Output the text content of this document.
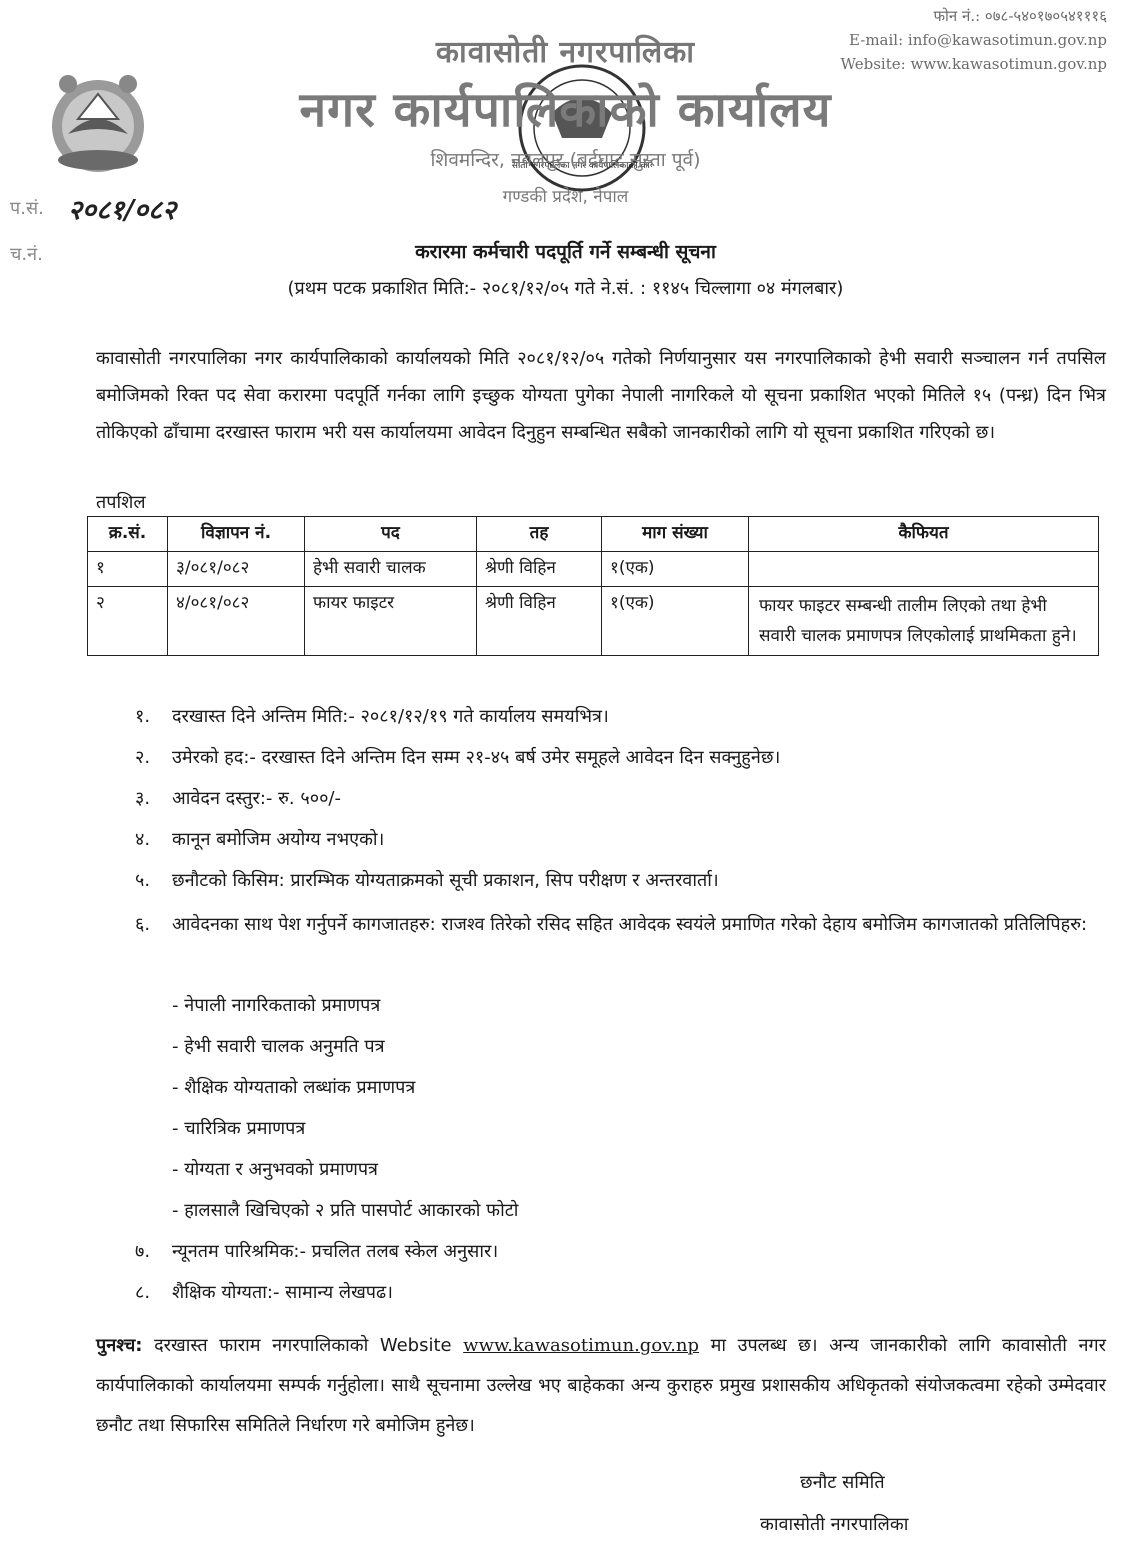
सोती नगरपालिका नगर कार्यपालिकाको का
फोन नं.: ०७८-५४०१७०५४१११६
E-mail: info@kawasotimun.gov.np
Website: www.kawasotimun.gov.np
कावासोती नगरपालिका
नगर कार्यपालिकाको कार्यालय
शिवमन्दिर, नवलपुर (बर्दघाट सुस्ता पूर्व)
गण्डकी प्रदेश, नेपाल
प.सं. २०८१/०८२
च.नं.	करारमा कर्मचारी पदपूर्ति गर्ने सम्बन्धी सूचना
(प्रथम पटक प्रकाशित मिति:- २०८१/१२/०५ गते ने.सं. : ११४५ चिल्लागा ०४ मंगलबार)
कावासोती नगरपालिका नगर कार्यपालिकाको कार्यालयको मिति २०८१/१२/०५ गतेको निर्णयानुसार यस नगरपालिकाको हेभी सवारी सञ्चालन गर्न तपसिल बमोजिमको रिक्त पद सेवा करारमा पदपूर्ति गर्नका लागि इच्छुक योग्यता पुगेका नेपाली नागरिकले यो सूचना प्रकाशित भएको मितिले १५ (पन्ध्र) दिन भित्र तोकिएको ढाँचामा दरखास्त फाराम भरी यस कार्यालयमा आवेदन दिनुहुन सम्बन्धित सबैको जानकारीको लागि यो सूचना प्रकाशित गरिएको छ।
तपशिल
क्र.सं.	विज्ञापन नं.	पद	तह	माग संख्या	कैफियत
१	३/०८१/०८२	हेभी सवारी चालक	श्रेणी विहिन	१(एक)	
२	४/०८१/०८२	फायर फाइटर	श्रेणी विहिन	१(एक)	फायर फाइटर सम्बन्धी तालीम लिएको तथा हेभी सवारी चालक प्रमाणपत्र लिएकोलाई प्राथमिकता हुने।
१.	दरखास्त दिने अन्तिम मिति:- २०८१/१२/१९ गते कार्यालय समयभित्र।
२.	उमेरको हद:- दरखास्त दिने अन्तिम दिन सम्म २१-४५ बर्ष उमेर समूहले आवेदन दिन सक्नुहुनेछ।
३.	आवेदन दस्तुर:- रु. ५००/-
४.	कानून बमोजिम अयोग्य नभएको।
५.	छनौटको किसिम: प्रारम्भिक योग्यताक्रमको सूची प्रकाशन, सिप परीक्षण र अन्तरवार्ता।
६.	आवेदनका साथ पेश गर्नुपर्ने कागजातहरु: राजश्व तिरेको रसिद सहित आवेदक स्वयंले प्रमाणित गरेको देहाय बमोजिम कागजातको प्रतिलिपिहरु:
- नेपाली नागरिकताको प्रमाणपत्र
- हेभी सवारी चालक अनुमति पत्र
- शैक्षिक योग्यताको लब्धांक प्रमाणपत्र
- चारित्रिक प्रमाणपत्र
- योग्यता र अनुभवको प्रमाणपत्र
- हालसालै खिचिएको २ प्रति पासपोर्ट आकारको फोटो
७.	न्यूनतम पारिश्रमिक:- प्रचलित तलब स्केल अनुसार।
८.	शैक्षिक योग्यता:- सामान्य लेखपढ।
पुनश्च: दरखास्त फाराम नगरपालिकाको Website www.kawasotimun.gov.np मा उपलब्ध छ। अन्य जानकारीको लागि कावासोती नगर कार्यपालिकाको कार्यालयमा सम्पर्क गर्नुहोला। साथै सूचनामा उल्लेख भए बाहेकका अन्य कुराहरु प्रमुख प्रशासकीय अधिकृतको संयोजकत्वमा रहेको उम्मेदवार छनौट तथा सिफारिस समितिले निर्धारण गरे बमोजिम हुनेछ।
छनौट समिति
कावासोती नगरपालिका
